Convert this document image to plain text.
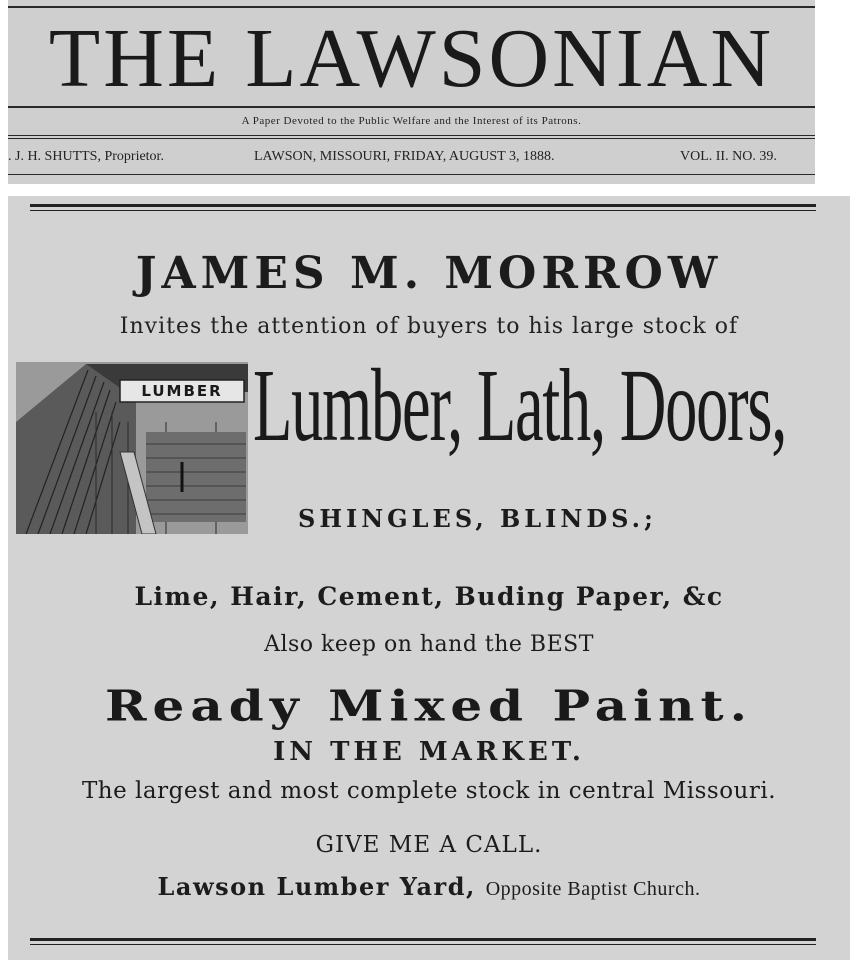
THE LAWSONIAN
A Paper Devoted to the Public Welfare and the Interest of its Patrons.
. J. H. SHUTTS, Proprietor.	LAWSON, MISSOURI, FRIDAY, AUGUST 3, 1888.	VOL. II. NO. 39.
JAMES M. MORROW
Invites the attention of buyers to his large stock of
LUMBER Lumber, Lath, Doors,
SHINGLES, BLINDS.;
Lime, Hair, Cement, Buding Paper, &c
Also keep on hand the BEST
Ready Mixed Paint.
IN THE MARKET.
The largest and most complete stock in central Missouri.
GIVE ME A CALL.
Lawson Lumber Yard, Opposite Baptist Church.
